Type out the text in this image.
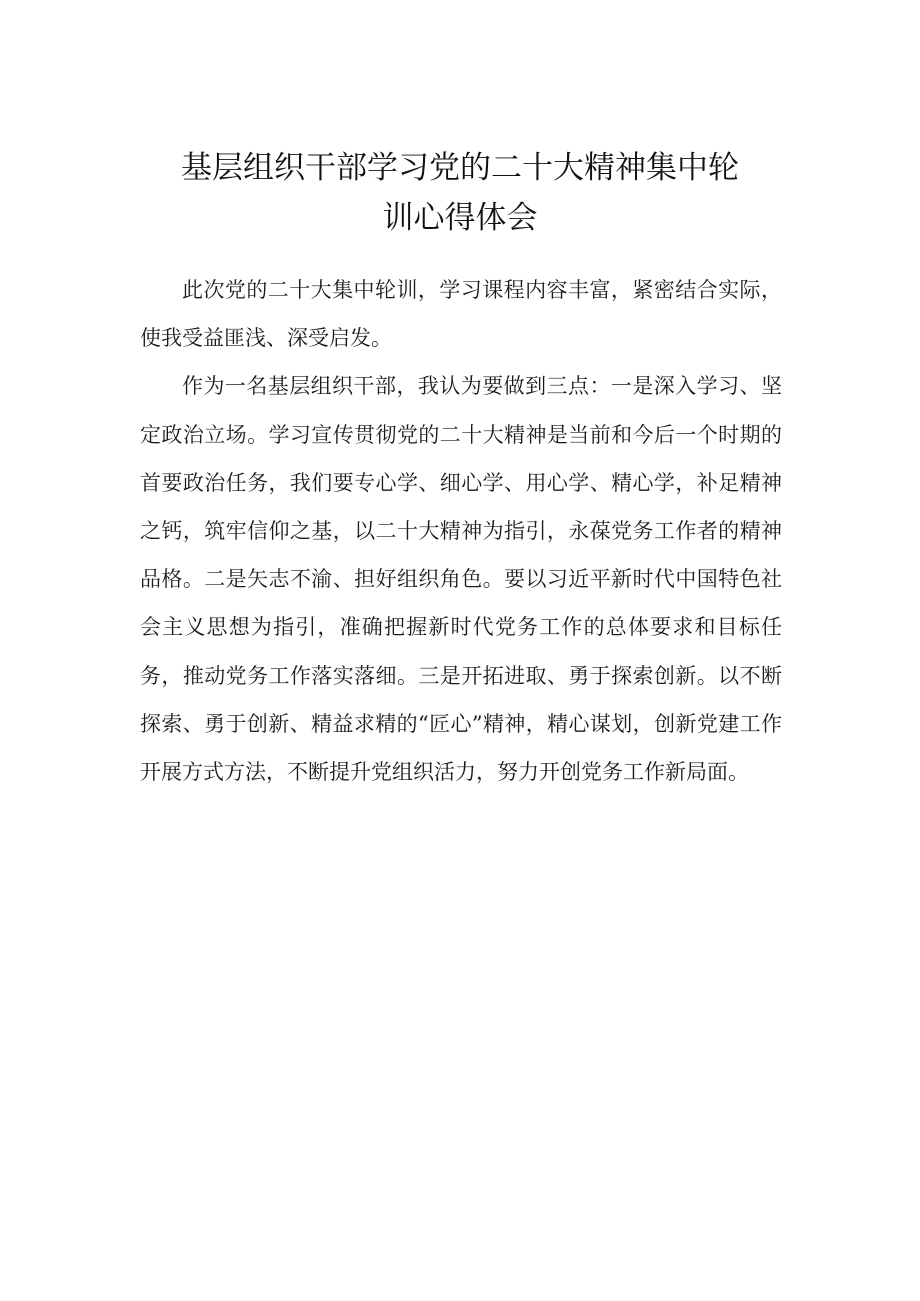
基层组织干部学习党的二十大精神集中轮
训心得体会

此次党的二十大集中轮训，学习课程内容丰富，紧密结合实际，使我受益匪浅、深受启发。

作为一名基层组织干部，我认为要做到三点：一是深入学习、坚定政治立场。学习宣传贯彻党的二十大精神是当前和今后一个时期的首要政治任务，我们要专心学、细心学、用心学、精心学，补足精神之钙，筑牢信仰之基，以二十大精神为指引，永葆党务工作者的精神品格。二是矢志不渝、担好组织角色。要以习近平新时代中国特色社会主义思想为指引，准确把握新时代党务工作的总体要求和目标任务，推动党务工作落实落细。三是开拓进取、勇于探索创新。以不断探索、勇于创新、精益求精的“匠心”精神，精心谋划，创新党建工作开展方式方法，不断提升党组织活力，努力开创党务工作新局面。
